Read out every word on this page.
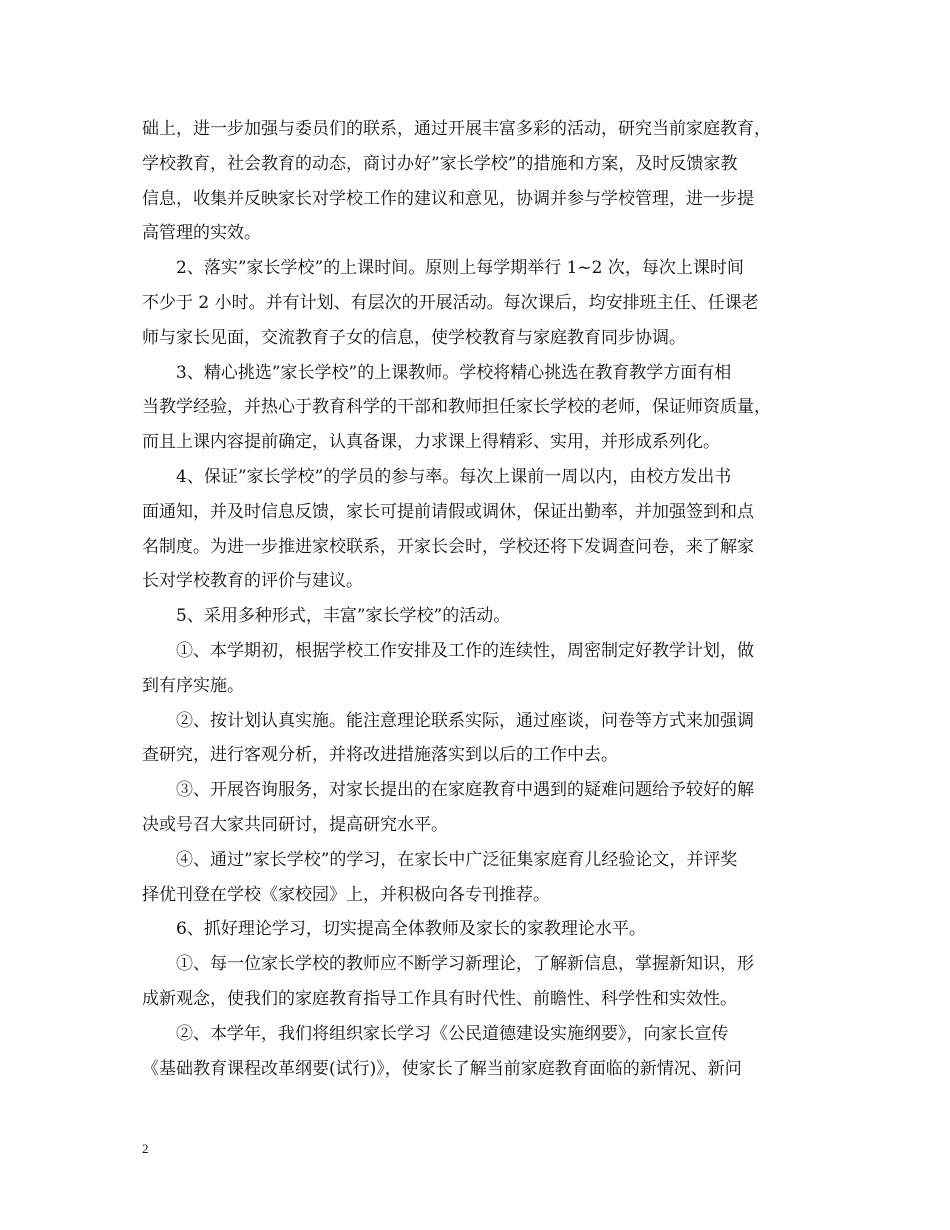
础上，进一步加强与委员们的联系，通过开展丰富多彩的活动，研究当前家庭教育，
学校教育，社会教育的动态，商讨办好”家长学校”的措施和方案，及时反馈家教
信息，收集并反映家长对学校工作的建议和意见，协调并参与学校管理，进一步提
高管理的实效。
2、落实”家长学校”的上课时间。原则上每学期举行 1~2 次，每次上课时间
不少于 2 小时。并有计划、有层次的开展活动。每次课后，均安排班主任、任课老
师与家长见面，交流教育子女的信息，使学校教育与家庭教育同步协调。
3、精心挑选”家长学校”的上课教师。学校将精心挑选在教育教学方面有相
当教学经验，并热心于教育科学的干部和教师担任家长学校的老师，保证师资质量，
而且上课内容提前确定，认真备课，力求课上得精彩、实用，并形成系列化。
4、保证”家长学校”的学员的参与率。每次上课前一周以内，由校方发出书
面通知，并及时信息反馈，家长可提前请假或调休，保证出勤率，并加强签到和点
名制度。为进一步推进家校联系，开家长会时，学校还将下发调查问卷，来了解家
长对学校教育的评价与建议。
5、采用多种形式，丰富”家长学校”的活动。
①、本学期初，根据学校工作安排及工作的连续性，周密制定好教学计划，做
到有序实施。
②、按计划认真实施。能注意理论联系实际，通过座谈，问卷等方式来加强调
查研究，进行客观分析，并将改进措施落实到以后的工作中去。
③、开展咨询服务，对家长提出的在家庭教育中遇到的疑难问题给予较好的解
决或号召大家共同研讨，提高研究水平。
④、通过”家长学校”的学习，在家长中广泛征集家庭育儿经验论文，并评奖
择优刊登在学校《家校园》上，并积极向各专刊推荐。
6、抓好理论学习，切实提高全体教师及家长的家教理论水平。
①、每一位家长学校的教师应不断学习新理论，了解新信息，掌握新知识，形
成新观念，使我们的家庭教育指导工作具有时代性、前瞻性、科学性和实效性。
②、本学年，我们将组织家长学习《公民道德建设实施纲要》，向家长宣传
《基础教育课程改革纲要(试行)》，使家长了解当前家庭教育面临的新情况、新问
2
